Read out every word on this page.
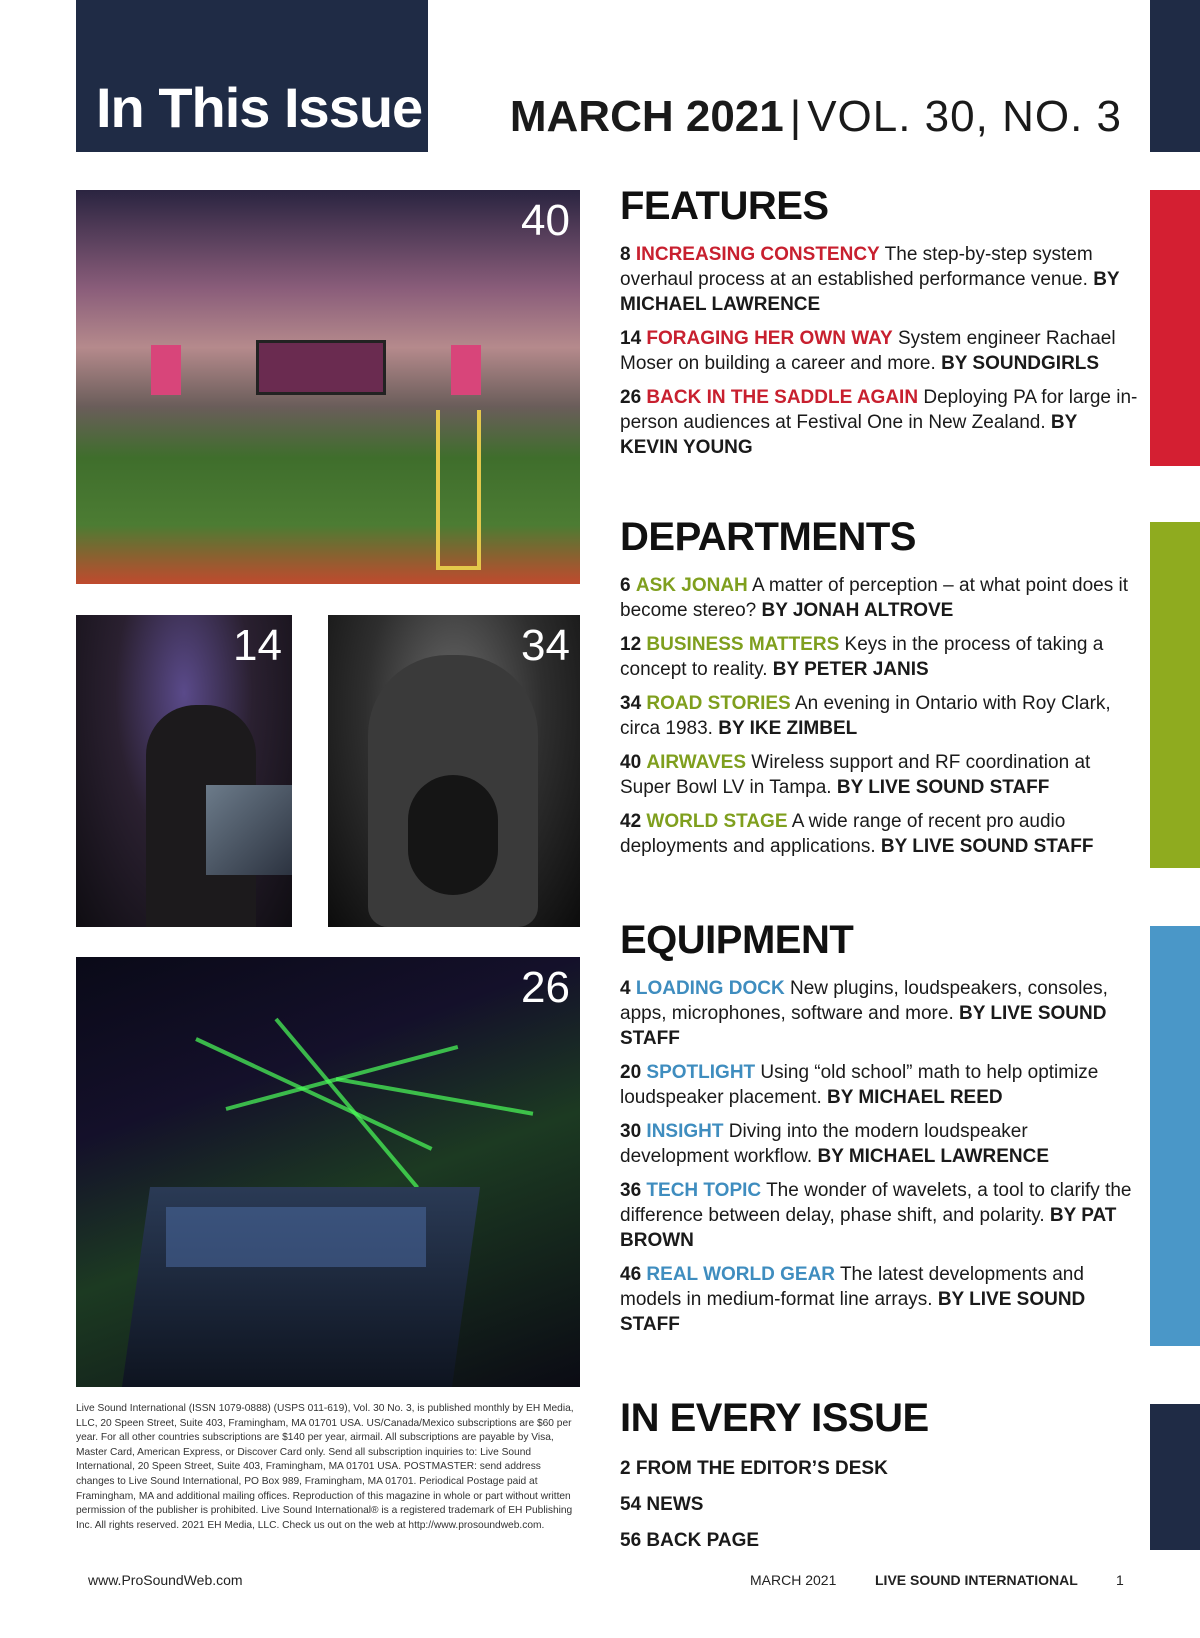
In This Issue MARCH 2021 | VOL. 30, NO. 3
40
14	34
26
FEATURES
8 INCREASING CONSTENCY The step-by-step system overhaul process at an established performance venue. BY MICHAEL LAWRENCE
14 FORAGING HER OWN WAY System engineer Rachael Moser on building a career and more. BY SOUNDGIRLS
26 BACK IN THE SADDLE AGAIN Deploying PA for large in-person audiences at Festival One in New Zealand. BY KEVIN YOUNG
DEPARTMENTS
6 ASK JONAH A matter of perception – at what point does it become stereo? BY JONAH ALTROVE
12 BUSINESS MATTERS Keys in the process of taking a concept to reality. BY PETER JANIS
34 ROAD STORIES An evening in Ontario with Roy Clark, circa 1983. BY IKE ZIMBEL
40 AIRWAVES Wireless support and RF coordination at Super Bowl LV in Tampa. BY LIVE SOUND STAFF
42 WORLD STAGE A wide range of recent pro audio deployments and applications. BY LIVE SOUND STAFF
EQUIPMENT
4 LOADING DOCK New plugins, loudspeakers, consoles, apps, microphones, software and more. BY LIVE SOUND STAFF
20 SPOTLIGHT Using “old school” math to help optimize loudspeaker placement. BY MICHAEL REED
30 INSIGHT Diving into the modern loudspeaker development workflow. BY MICHAEL LAWRENCE
36 TECH TOPIC The wonder of wavelets, a tool to clarify the difference between delay, phase shift, and polarity. BY PAT BROWN
46 REAL WORLD GEAR The latest developments and models in medium-format line arrays. BY LIVE SOUND STAFF
IN EVERY ISSUE
2 FROM THE EDITOR’S DESK
54 NEWS
56 BACK PAGE
Live Sound International (ISSN 1079-0888) (USPS 011-619), Vol. 30 No. 3, is published monthly by EH Media, LLC, 20 Speen Street, Suite 403, Framingham, MA 01701 USA. US/Canada/Mexico subscriptions are $60 per year. For all other countries subscriptions are $140 per year, airmail. All subscriptions are payable by Visa, Master Card, American Express, or Discover Card only. Send all subscription inquiries to: Live Sound International, 20 Speen Street, Suite 403, Framingham, MA 01701 USA. POSTMASTER: send address changes to Live Sound International, PO Box 989, Framingham, MA 01701. Periodical Postage paid at Framingham, MA and additional mailing offices. Reproduction of this magazine in whole or part without written permission of the publisher is prohibited. Live Sound International® is a registered trademark of EH Publishing Inc. All rights reserved. 2021 EH Media, LLC. Check us out on the web at http://www.prosoundweb.com.
www.ProSoundWeb.com	MARCH 2021	LIVE SOUND INTERNATIONAL	1
